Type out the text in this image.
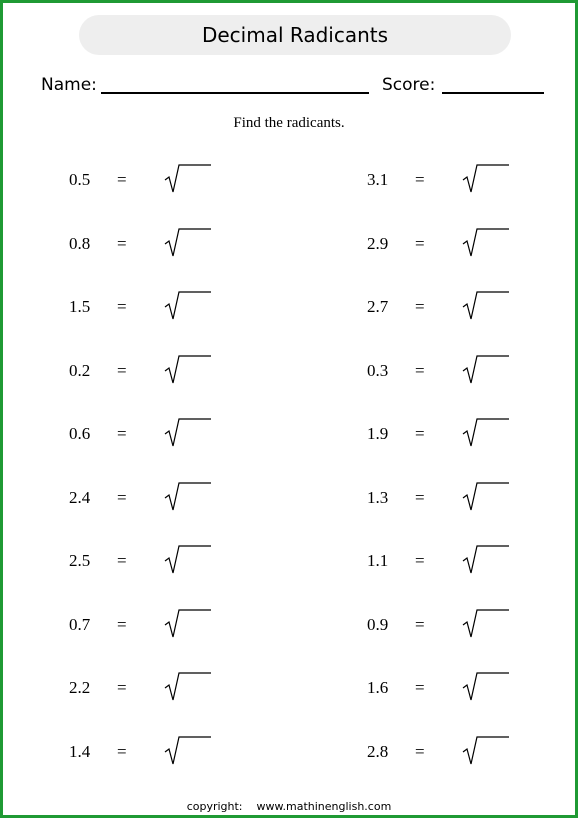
Decimal Radicants
Name:	Score:
Find the radicants.
0.5 =
0.8 =
1.5 =
0.2 =
0.6 =
2.4 =
2.5 =
0.7 =
2.2 =
1.4 =
3.1 =
2.9 =
2.7 =
0.3 =
1.9 =
1.3 =
1.1 =
0.9 =
1.6 =
2.8 =
copyright: www.mathinenglish.com
